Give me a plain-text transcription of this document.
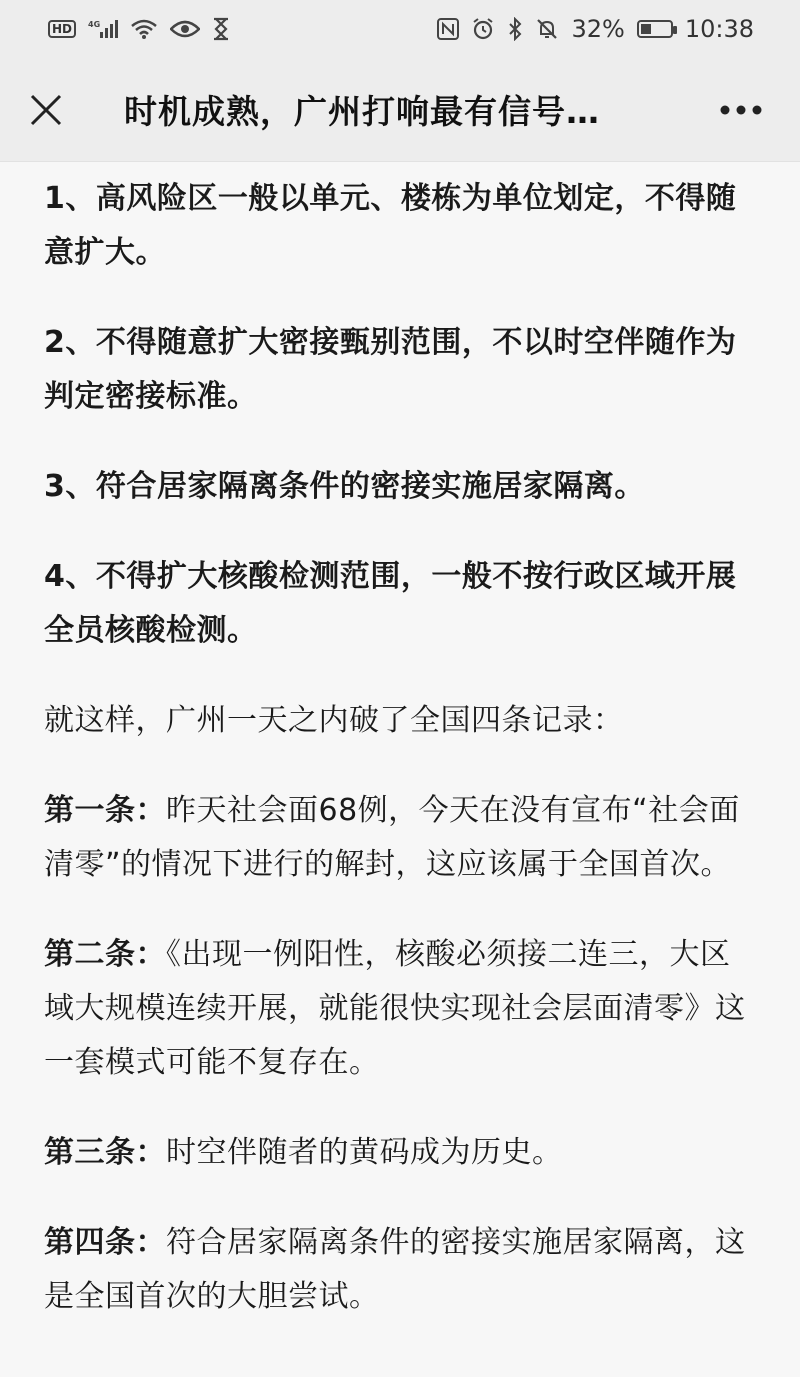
HD	4G	32%	10:38
时机成熟，广州打响最有信号…

1、高风险区一般以单元、楼栋为单位划定，不得随意扩大。

2、不得随意扩大密接甄别范围，不以时空伴随作为判定密接标准。

3、符合居家隔离条件的密接实施居家隔离。

4、不得扩大核酸检测范围，一般不按行政区域开展全员核酸检测。

就这样，广州一天之内破了全国四条记录：

第一条：昨天社会面68例，今天在没有宣布“社会面清零”的情况下进行的解封，这应该属于全国首次。

第二条：《出现一例阳性，核酸必须接二连三，大区域大规模连续开展，就能很快实现社会层面清零》这一套模式可能不复存在。

第三条：时空伴随者的黄码成为历史。

第四条：符合居家隔离条件的密接实施居家隔离，这是全国首次的大胆尝试。
